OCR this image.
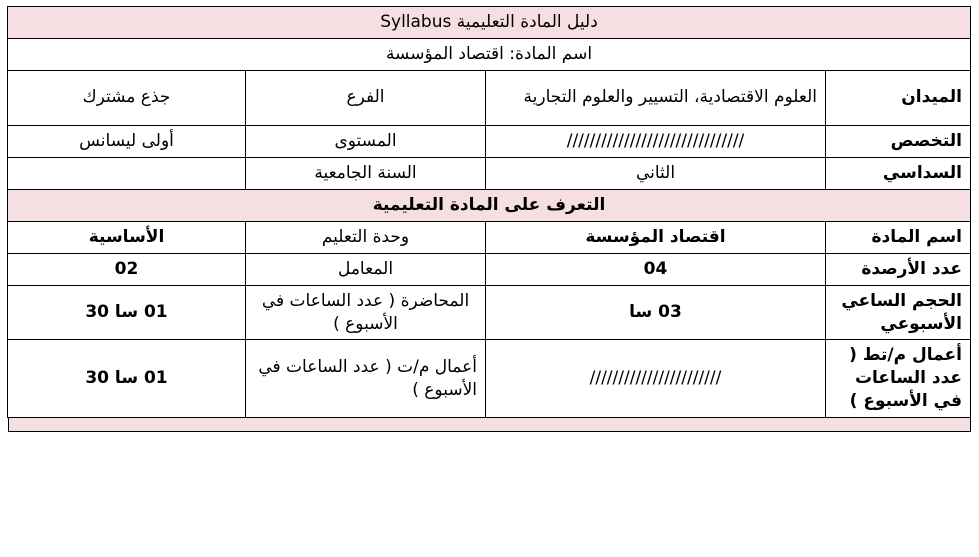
دليل المادة التعليمية Syllabus			
اسم المادة: اقتصاد المؤسسة			
الميدان	العلوم الاقتصادية، التسيير والعلوم التجارية	الفرع	جذع مشترك
التخصص	///////////////////////////////	المستوى	أولى ليسانس
السداسي	الثاني	السنة الجامعية	
التعرف على المادة التعليمية			
اسم المادة	اقتصاد المؤسسة	وحدة التعليم	الأساسية
عدد الأرصدة	04	المعامل	02
الحجم الساعي الأسبوعي	03 سا	المحاضرة ( عدد الساعات في الأسبوع )	01 سا 30
أعمال م/تط ( عدد الساعات في الأسبوع )	///////////////////////	أعمال م/ت ( عدد الساعات في الأسبوع )	01 سا 30
